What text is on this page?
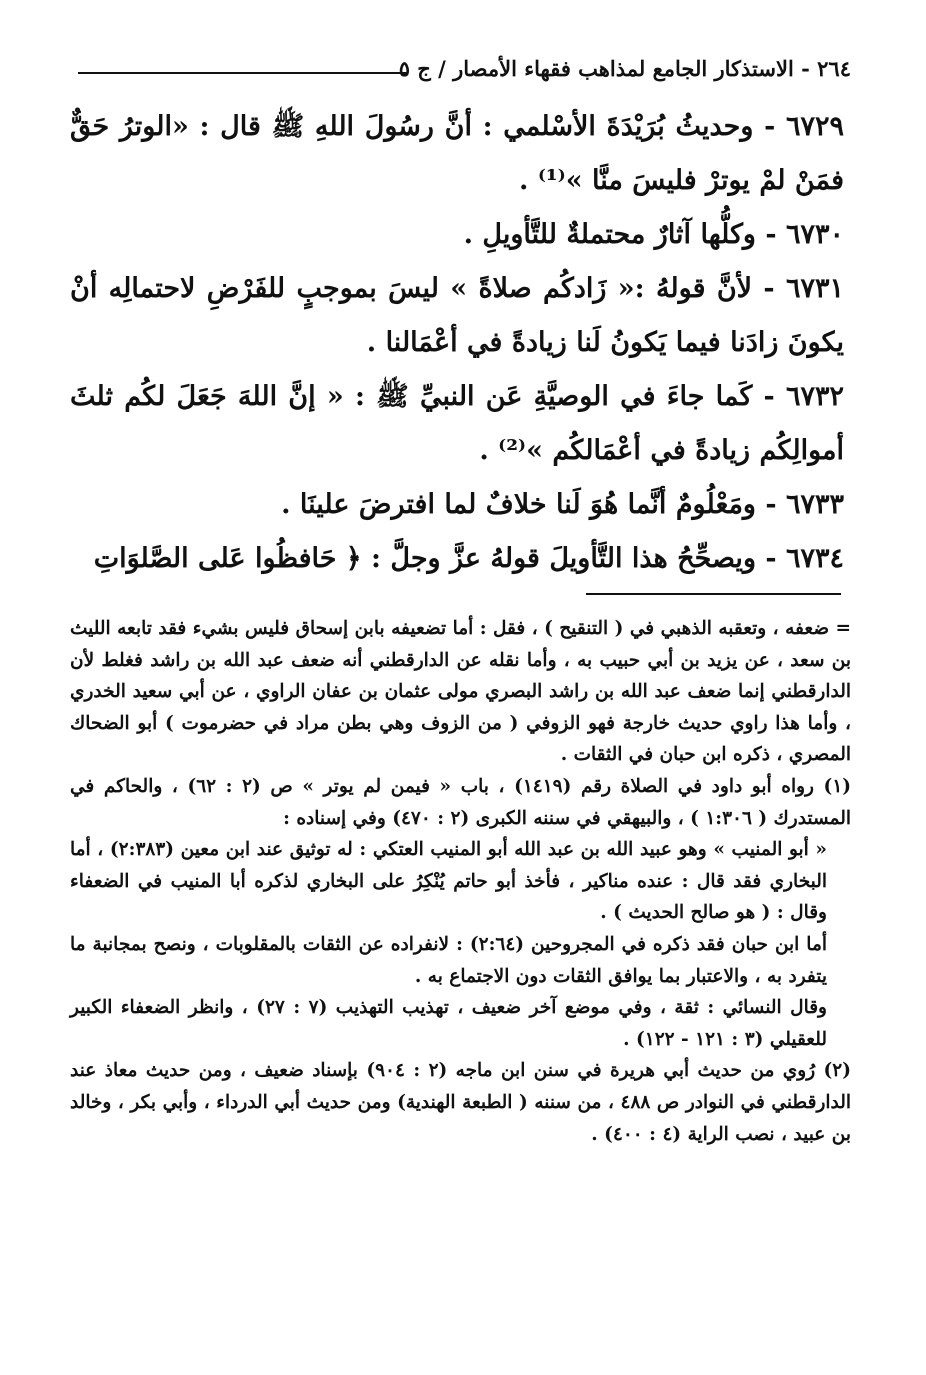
٢٦٤ - الاستذكار الجامع لمذاهب فقهاء الأمصار / ج ٥

٦٧٢٩ - وحديثُ بُرَيْدَةَ الأسْلمي : أنَّ رسُولَ اللهِ ﷺ قال : «الوترُ حَقٌّ فمَنْ لمْ يوترْ فليسَ منَّا »⁽¹⁾ .

٦٧٣٠ - وكلُّها آثارٌ محتملةٌ للتَّأويلِ .

٦٧٣١ - لأنَّ قولهُ :« زَادكُم صلاةً » ليسَ بموجبٍ للفَرْضِ لاحتمالِه أنْ يكونَ زادَنا فيما يَكونُ لَنا زيادةً في أعْمَالنا .

٦٧٣٢ - كَما جاءَ في الوصيَّةِ عَن النبيِّ ﷺ : « إنَّ اللهَ جَعَلَ لكُم ثلثَ أموالِكُم زيادةً في أعْمَالكُم »⁽²⁾ .

٦٧٣٣ - ومَعْلُومٌ أنَّما هُوَ لَنا خلافٌ لما افترضَ علينَا .

٦٧٣٤ - ويصحِّحُ هذا التَّأويلَ قولهُ عزَّ وجلَّ : ﴿ حَافظُوا عَلى الصَّلوَاتِ

= ضعفه ، وتعقبه الذهبي في ( التنقيح ) ، فقل : أما تضعيفه بابن إسحاق فليس بشيء فقد تابعه الليث بن سعد ، عن يزيد بن أبي حبيب به ، وأما نقله عن الدارقطني أنه ضعف عبد الله بن راشد فغلط لأن الدارقطني إنما ضعف عبد الله بن راشد البصري مولى عثمان بن عفان الراوي ، عن أبي سعيد الخدري ، وأما هذا راوي حديث خارجة فهو الزوفي ( من الزوف وهي بطن مراد في حضرموت ) أبو الضحاك المصري ، ذكره ابن حبان في الثقات .

(١) رواه أبو داود في الصلاة رقم (١٤١٩) ، باب « فيمن لم يوتر » ص (٢ : ٦٢) ، والحاكم في المستدرك ( ١:٣٠٦ ) ، والبيهقي في سننه الكبرى (٢ : ٤٧٠) وفي إسناده :

« أبو المنيب » وهو عبيد الله بن عبد الله أبو المنيب العتكي : له توثيق عند ابن معين (٢:٣٨٣) ، أما البخاري فقد قال : عنده مناكير ، فأخذ أبو حاتم يُنْكِرُ على البخاري لذكره أبا المنيب في الضعفاء وقال : ( هو صالح الحديث ) .

أما ابن حبان فقد ذكره في المجروحين (٢:٦٤) : لانفراده عن الثقات بالمقلوبات ، ونصح بمجانبة ما يتفرد به ، والاعتبار بما يوافق الثقات دون الاجتماع به .

وقال النسائي : ثقة ، وفي موضع آخر ضعيف ، تهذيب التهذيب (٧ : ٢٧) ، وانظر الضعفاء الكبير للعقيلي (٣ : ١٢١ - ١٢٢) .

(٢) رُوي من حديث أبي هريرة في سنن ابن ماجه (٢ : ٩٠٤) بإسناد ضعيف ، ومن حديث معاذ عند الدارقطني في النوادر ص ٤٨٨ ، من سننه ( الطبعة الهندية) ومن حديث أبي الدرداء ، وأبي بكر ، وخالد بن عبيد ، نصب الراية (٤ : ٤٠٠) .
